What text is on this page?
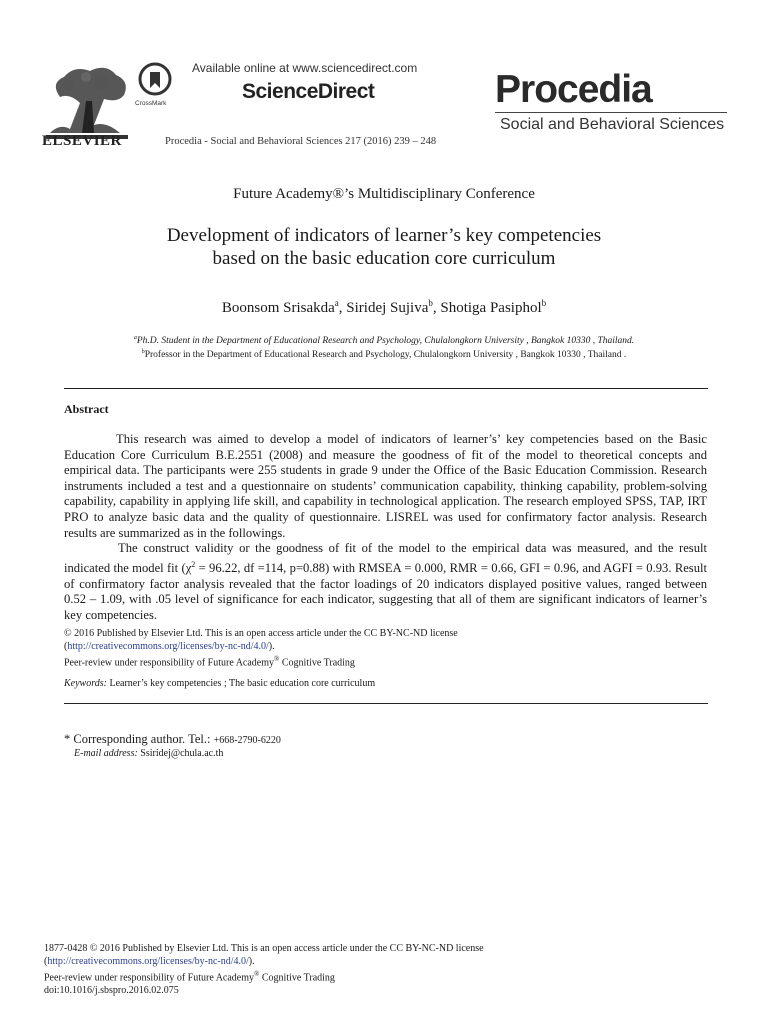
ELSEVIER
CrossMark
Available online at www.sciencedirect.com
ScienceDirect
Procedia - Social and Behavioral Sciences 217 (2016) 239 – 248
Procedia
Social and Behavioral Sciences
Future Academy®’s Multidisciplinary Conference
Development of indicators of learner’s key competencies
based on the basic education core curriculum
Boonsom Srisakda$^a$, Siridej Sujiva$^b$, Shotiga Pasiphol$^b$
$^a$Ph.D. Student in the Department of Educational Research and Psychology, Chulalongkorn University , Bangkok 10330 , Thailand.
$^b$Professor in the Department of Educational Research and Psychology, Chulalongkorn University , Bangkok 10330 , Thailand .
Abstract

This research was aimed to develop a model of indicators of learner’s’ key competencies based on the Basic Education Core Curriculum B.E.2551 (2008) and measure the goodness of fit of the model to theoretical concepts and empirical data. The participants were 255 students in grade 9 under the Office of the Basic Education Commission. Research instruments included a test and a questionnaire on students’ communication capability, thinking capability, problem-solving capability, capability in applying life skill, and capability in technological application. The research employed SPSS, TAP, IRT PRO to analyze basic data and the quality of questionnaire. LISREL was used for confirmatory factor analysis. Research results are summarized as in the followings.

The construct validity or the goodness of fit of the model to the empirical data was measured, and the result indicated the model fit ($\chi^2 = 96.22$, df =114, p=0.88) with RMSEA = 0.000, RMR = 0.66, GFI = 0.96, and AGFI = 0.93. Result of confirmatory factor analysis revealed that the factor loadings of 20 indicators displayed positive values, ranged between 0.52 – 1.09, with .05 level of significance for each indicator, suggesting that all of them are significant indicators of learner’s key competencies.

© 2016 Published by Elsevier Ltd. This is an open access article under the CC BY-NC-ND license
(http://creativecommons.org/licenses/by-nc-nd/4.0/).
Peer-review under responsibility of Future Academy® Cognitive Trading
Keywords: Learner’s key competencies ; The basic education core curriculum
* Corresponding author. Tel.: +668-2790-6220
E-mail address: Ssiridej@chula.ac.th
1877-0428 © 2016 Published by Elsevier Ltd. This is an open access article under the CC BY-NC-ND license
(http://creativecommons.org/licenses/by-nc-nd/4.0/).
Peer-review under responsibility of Future Academy® Cognitive Trading
doi:10.1016/j.sbspro.2016.02.075
